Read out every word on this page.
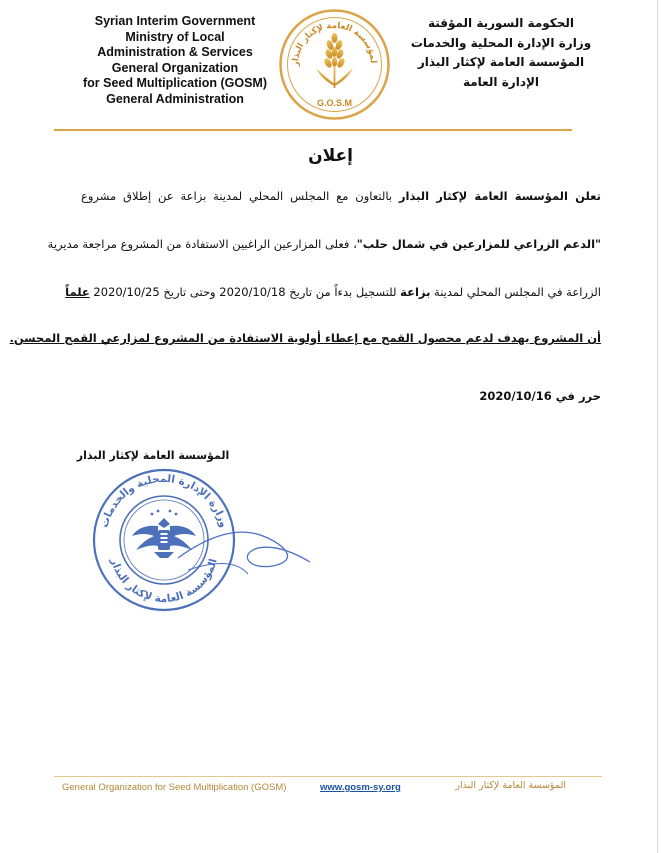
Syrian Interim Government
Ministry of Local
Administration & Services
General Organization
for Seed Multiplication (GOSM)
General Administration
لمؤسسة العامة لإكثار البذار
G.O.S.M
الحكومة السورية المؤقتة
وزارة الإدارة المحلية والخدمات
المؤسسة العامة لإكثار البذار
الإدارة العامة
إعلان
تعلن المؤسسة العامة لإكثار البذار بالتعاون مع المجلس المحلي لمدينة بزاعة عن إطلاق مشروع
"الدعم الزراعي للمزارعين في شمال حلب"، فعلى المزارعين الراغبين الاستفادة من المشروع مراجعة مديرية
الزراعة في المجلس المحلي لمدينة بزاعة للتسجيل بدءاً من تاريخ 2020/10/18 وحتى تاريخ 2020/10/25 علماً
أن المشروع يهدف لدعم محصول القمح مع إعطاء أولوية الاستفادة من المشروع لمزارعي القمح المحسن.
حرر في 2020/10/16
المؤسسة العامة لإكثار البذار
وزارة الإدارة المحلية والخدمات
المؤسسة العامة لإكثار البذار
General Organization for Seed Multiplication (GOSM)	www.gosm-sy.org	المؤسسة العامة لإكثار البذار
